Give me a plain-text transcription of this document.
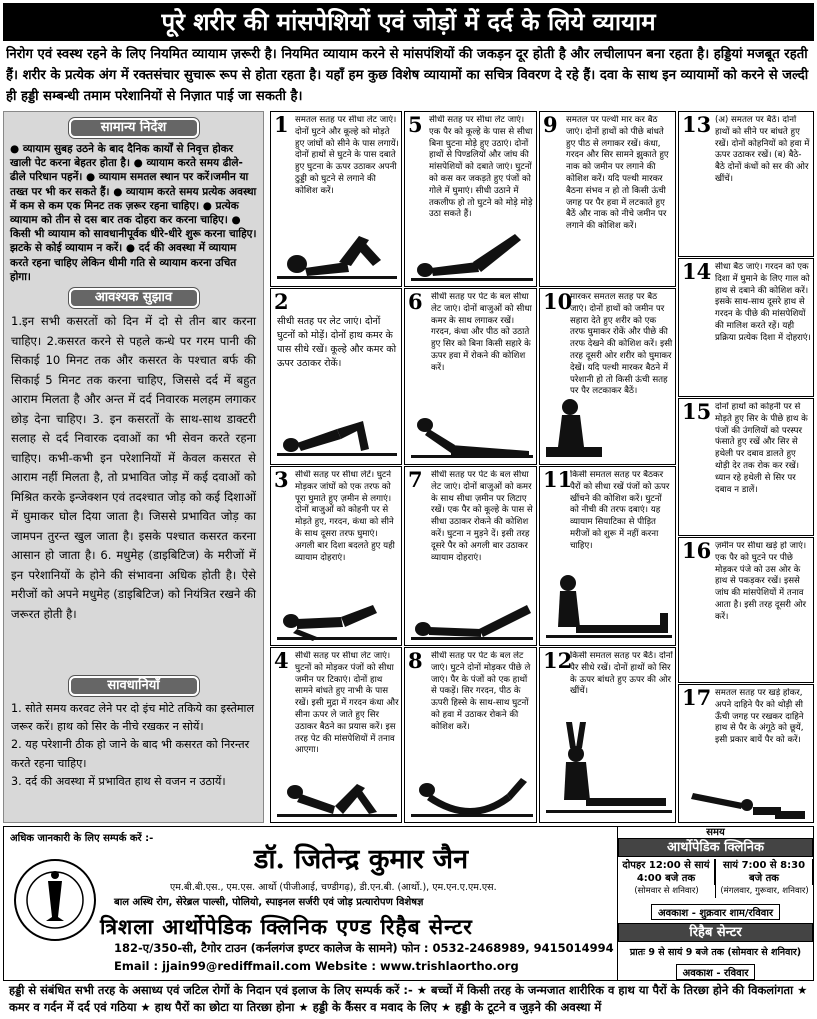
पूरे शरीर की मांसपेशियों एवं जोड़ों में दर्द के लिये व्यायाम
निरोग एवं स्वस्थ रहने के लिए नियमित व्यायाम ज़रूरी है। नियमित व्यायाम करने से मांसपंशियों की जकड़न दूर होती है और लचीलापन बना रहता है। हड्डियां मजबूत रहती हैं। शरीर के प्रत्येक अंग में रक्तसंचार सुचारू रूप से होता रहता है। यहाँ हम कुछ विशेष व्यायामों का सचित्र विवरण दे रहे हैं। दवा के साथ इन व्यायामों को करने से जल्दी ही हड्डी सम्बन्धी तमाम परेशानियों से निज़ात पाई जा सकती है।
सामान्य निर्देश
● व्यायाम सुबह उठने के बाद दैनिक कार्यों से निवृत्त होकर खाली पेट करना बेहतर होता है। ● व्यायाम करते समय ढीले-ढीले परिधान पहनें। ● व्यायाम समतल स्थान पर करें।जमीन या तख्त पर भी कर सकते हैं। ● व्यायाम करते समय प्रत्येक अवस्था में कम से कम एक मिनट तक ज़रूर रहना चाहिए। ● प्रत्येक व्यायाम को तीन से दस बार तक दोहरा कर करना चाहिए। ● किसी भी व्यायाम को सावधानीपूर्वक धीरे-धीरे शुरू करना चाहिए। झटके से कोई व्यायाम न करें। ● दर्द की अवस्था में व्यायाम करते रहना चाहिए लेकिन धीमी गति से व्यायाम करना उचित होगा।
आवश्यक सुझाव
1.इन सभी कसरतों को दिन में दो से तीन बार करना चाहिए। 2.कसरत करने से पहले कन्धे पर गरम पानी की सिकाई 10 मिनट तक और कसरत के पश्चात बर्फ की सिकाई 5 मिनट तक करना चाहिए, जिससे दर्द में बहुत आराम मिलता है और अन्त में दर्द निवारक मलहम लगाकर छोड़ देना चाहिए। 3. इन कसरतों के साथ-साथ डाक्टरी सलाह से दर्द निवारक दवाओं का भी सेवन करते रहना चाहिए। कभी-कभी इन परेशानियों में केवल कसरत से आराम नहीं मिलता है, तो प्रभावित जोड़ में कई दवाओं को मिश्रित करके इन्जेक्शन एवं तदश्चात जोड़ को कई दिशाओं में घुमाकर घोल दिया जाता है। जिससे प्रभावित जोड़ का जामपन तुरन्त खुल जाता है। इसके पश्चात कसरत करना आसान हो जाता है। 6. मधुमेह (डाइबिटिज) के मरीजों में इन परेशानियों के होने की संभावना अधिक होती है। ऐसे मरीजों को अपने मधुमेह (डाइबिटिज) को नियंत्रित रखने की जरूरत होती है।
सावधानियाँ
1. सोते समय करवट लेने पर दो इंच मोटे तकिये का इस्तेमाल जरूर करें। हाथ को सिर के नीचे रखकर न सोयें।
2. यह परेशानी ठीक हो जाने के बाद भी कसरत को निरन्तर करते रहना चाहिए।
3. दर्द की अवस्था में प्रभावित हाथ से वजन न उठायें।
1 समतल सतह पर सीधा लेट जाएं। दोनों घुटने और कूल्हे को मोड़ते हुए जांघों को सीने के पास लगायें। दोनों हाथों से घुटने के पास दबाते हुए घुटना के ऊपर उठाकर अपनी ठुड्डी को घुटने से लगाने की कोशिश करें।
2
सीधी सतह पर लेट जाएं। दोनों घुटनों को मोड़ें। दोनों हाथ कमर के पास सीधे रखें। कूल्हे और कमर को ऊपर उठाकर रोकें।
3 सीधी सतह पर सीधा लेटें। घुटने मोड़कर जांघों को एक तरफ को पूरा घुमाते हुए ज़मीन से लगाएं। दोनों बाजुओं को कोहनी पर से मोड़ते हुए, गरदन, कंधा को सीने के साथ दूसरा तरफ घुमाएं। अगली बार दिशा बदलते हुए यही व्यायाम दोहराएं।
4 सीधी सतह पर सीधा लेट जाएं। घुटनों को मोड़कर पंजों को सीधा जमीन पर टिकाएं। दोनों हाथ सामने बांधते हुए नाभी के पास रखें। इसी मुद्रा में गरदन कंधा और सीना ऊपर ले जाते हुए सिर उठाकर बैठने का प्रयास करें। इस तरह पेट की मांसपेशियों में तनाव आएगा।
5 सीधी सतह पर सीधा लेट जाएं। एक पैर को कूल्हे के पास से सीधा बिना घुटना मोड़े हुए उठाएं। दोनों हाथों से पिण्डलियों और जांघ की मांसपेशियों को दबाते जाएं। घुटनों को कस कर जकड़ते हुए पंजों को गोले में घुमाएं। सीधी उठाने में तकलीफ हो तो घुटने को मोड़े मोड़े उठा सकते हैं।
6 सीधी सतह पर पेट के बल सीधा लेट जाएं। दोनों बाजुओं को सीधा कमर के साथ लगाकर रखें। गरदन, कंधा और पीठ को उठाते हुए सिर को बिना किसी सहारे के ऊपर हवा में रोकने की कोशिश करें।
7 सीधी सतह पर पेट के बल सीधा लेट जाएं। दोनों बाजुओं को कमर के साथ सीधा ज़मीन पर लिटाए रखें। एक पैर को कूल्हे के पास से सीधा उठाकर रोकने की कोशिश करें। घुटना न मुड़ने दें। इसी तरह दूसरे पैर को अगली बार उठाकर व्यायाम दोहराएं।
8 सीधी सतह पर पेट के बल लेट जाएं। घुटने दोनों मोड़कर पीछे ले जाएं। पैर के पंजों को एक हाथों से पकड़ें। सिर गरदन, पीठ के ऊपरी हिस्से के साथ-साथ घुटनों को हवा में उठाकर रोकने की कोशिश करें।
9 समतल पर पल्थी मार कर बैठ जाएं। दोनों हाथों को पीछे बांधते हुए पीठ से लगाकर रखें। कंधा, गरदन और सिर सामने झुकाते हुए नाक को जमीन पर लगाने की कोशिश करें। यदि पल्थी मारकर बैठना संभव न हो तो किसी ऊंची जगह पर पैर हवा में लटकाते हुए बैठें और नाक को नीचे जमीन पर लगाने की कोशिश करें।
10
मारकर समतल सतह पर बैठ जाएं। दोनों हाथों को जमीन पर सहारा देते हुए शरीर को एक तरफ घुमाकर रोकें और पीछे की तरफ देखने की कोशिश करें। इसी तरह दूसरी ओर शरीर को घुमाकर देखें। यदि पल्थी मारकर बैठने में परेशानी हो तो किसी ऊंची सतह पर पैर लटकाकर बैठें।
11
किसी समतल सतह पर बैठकर पैरों को सीधा रखें पंजों को ऊपर खींचने की कोशिश करें। घुटनों को नीची की तरफ दबाएं। यह व्यायाम सियाटिका से पीड़ित मरीजों को शुरू में नहीं करना चाहिए।
12
किसी समतल सतह पर बैठें। दोनों पैर सीधे रखें। दोनों हाथों को सिर के ऊपर बांधते हुए ऊपर की ओर खींचें।
13 (अ) समतल पर बैठें। दोनों हाथों को सीने पर बांधते हुए रखें। दोनों कोहनियों को हवा में ऊपर उठाकर रखें। (ब) बैठे-बैठे दोनों कंधों को सर की ओर खींचें।
14 सीधा बैठ जाएं। गरदन को एक दिशा में घुमाने के लिए गाल को हाथ से दबाने की कोशिश करें। इसके साथ-साथ दूसरे हाथ से गरदन के पीछे की मांसपेशियों की मालिश करते रहें। यही प्रक्रिया प्रत्येक दिशा में दोहराएं।
15 दोनों हाथों को कोहनी पर से मोड़ते हुए सिर के पीछे हाथ के पंजों की उंगलियों को परस्पर फंसाते हुए रखें और सिर से हथेली पर दबाव डालते हुए थोड़ी देर तक रोक कर रखें। ध्यान रहे हथेली से सिर पर दबाव न डालें।
16 ज़मीन पर सीधा खड़े हो जाएं। एक पैर को घुटने पर पीछे मोड़कर पंजे को उस ओर के हाथ से पकड़कर रखें। इससे जांघ की मांसपेशियों में तनाव आता है। इसी तरह दूसरी ओर करें।
17 समतल सतह पर खड़े होकर, अपने दाहिने पैर को थोड़ी सी ऊँची जगह पर रखकर दाहिने हाथ से पैर के अंगूठे को छूयें, इसी प्रकार बायें पैर को करें।
अधिक जानकारी के लिए सम्पर्क करें :-
डॉ. जितेन्द्र कुमार जैन
एम.बी.बी.एस., एम.एस. आर्थो (पीजीआई, चण्डीगढ़), डी.एन.बी. (आर्थो.), एम.एन.ए.एम.एस.
बाल अस्थि रोग, सेरेब्रल पाल्सी, पोलियो, स्पाइनल सर्जरी एवं जोड़ प्रत्यारोपण विशेषज्ञ
त्रिशला आर्थोपेडिक क्लिनिक एण्ड रिहैब सेन्टर
182-ए/350-सी, टैगोर टाउन (कर्नलगंज इण्टर कालेज के सामने) फोन : 0532-2468989, 9415014994
Email : jjain99@rediffmail.com Website : www.trishlaortho.org
समय
आर्थोपेडिक क्लिनिक
दोपहर 12:00 से सायं 4:00 बजे तक
(सोमवार से शनिवार)
सायं 7:00 से 8:30 बजे तक
(मंगलवार, गुरूवार, शनिवार)
अवकाश - शुक्रवार शाम/रविवार
रिहैब सेन्टर
प्रातः 9 से सायं 9 बजे तक (सोमवार से शनिवार)
अवकाश - रविवार
हड्डी से संबंधित सभी तरह के असाध्य एवं जटिल रोगों के निदान एवं इलाज के लिए सम्पर्क करें :- ★ बच्चों में किसी तरह के जन्मजात शारीरिक व हाथ या पैरों के तिरछा होने की विकलांगता ★ कमर व गर्दन में दर्द एवं गठिया ★ हाथ पैरों का छोटा या तिरछा होना ★ हड्डी के कैंसर व मवाद के लिए ★ हड्डी के टूटने व जुड़ने की अवस्था में
